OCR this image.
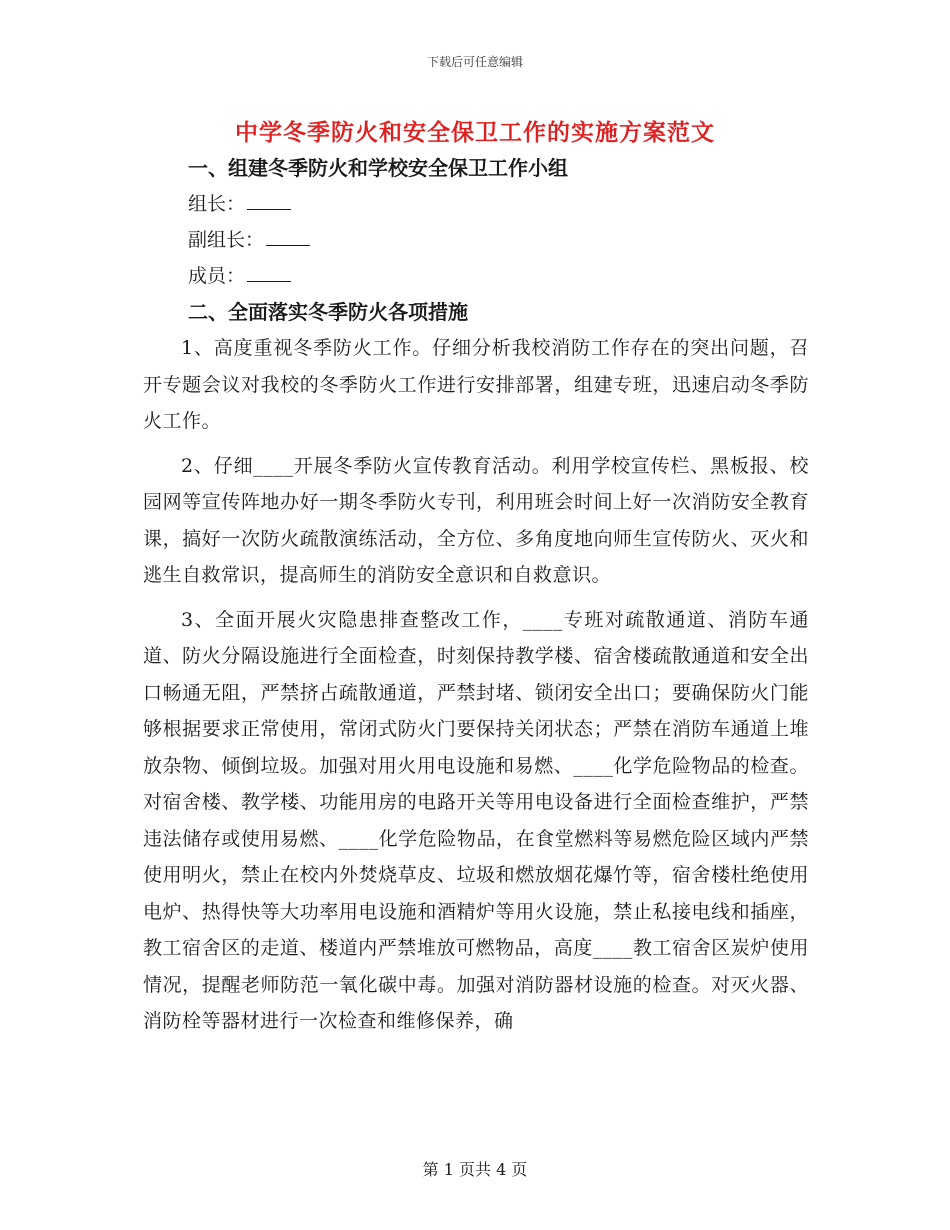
下载后可任意编辑
中学冬季防火和安全保卫工作的实施方案范文

一、组建冬季防火和学校安全保卫工作小组

组长：

副组长：

成员：

二、全面落实冬季防火各项措施

1、高度重视冬季防火工作。仔细分析我校消防工作存在的突出问题，召开专题会议对我校的冬季防火工作进行安排部署，组建专班，迅速启动冬季防火工作。

2、仔细____开展冬季防火宣传教育活动。利用学校宣传栏、黑板报、校园网等宣传阵地办好一期冬季防火专刊，利用班会时间上好一次消防安全教育课，搞好一次防火疏散演练活动，全方位、多角度地向师生宣传防火、灭火和逃生自救常识，提高师生的消防安全意识和自救意识。

3、全面开展火灾隐患排查整改工作，____专班对疏散通道、消防车通道、防火分隔设施进行全面检查，时刻保持教学楼、宿舍楼疏散通道和安全出口畅通无阻，严禁挤占疏散通道，严禁封堵、锁闭安全出口；要确保防火门能够根据要求正常使用，常闭式防火门要保持关闭状态；严禁在消防车通道上堆放杂物、倾倒垃圾。加强对用火用电设施和易燃、____化学危险物品的检查。对宿舍楼、教学楼、功能用房的电路开关等用电设备进行全面检查维护，严禁违法储存或使用易燃、____化学危险物品，在食堂燃料等易燃危险区域内严禁使用明火，禁止在校内外焚烧草皮、垃圾和燃放烟花爆竹等，宿舍楼杜绝使用电炉、热得快等大功率用电设施和酒精炉等用火设施，禁止私接电线和插座，教工宿舍区的走道、楼道内严禁堆放可燃物品，高度____教工宿舍区炭炉使用情况，提醒老师防范一氧化碳中毒。加强对消防器材设施的检查。对灭火器、消防栓等器材进行一次检查和维修保养，确

第 1 页共 4 页
